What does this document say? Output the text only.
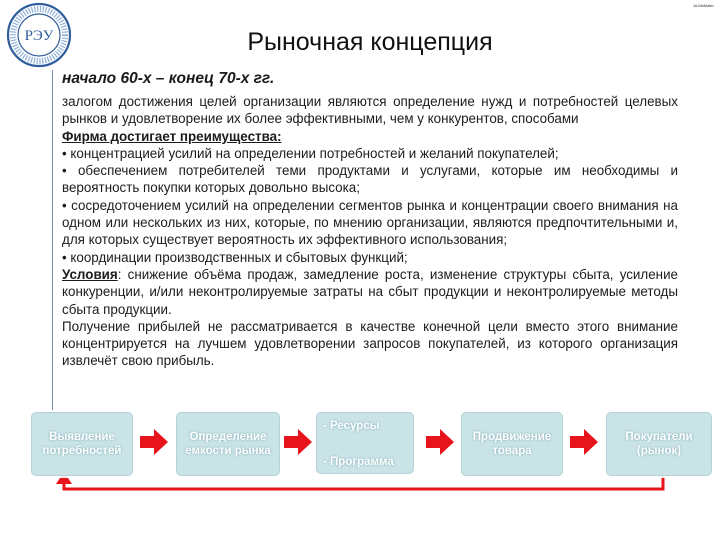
РЭУ
ALMaMater
Рыночная концепция
начало 60-х – конец 70-х гг.

залогом достижения целей организации являются определение нужд и потребностей целевых рынков и удовлетворение их более эффективными, чем у конкурентов, способами

Фирма достигает преимущества:

• концентрацией усилий на определении потребностей и желаний покупателей;

• обеспечением потребителей теми продуктами и услугами, которые им необходимы и вероятность покупки которых довольно высока;

• сосредоточением усилий на определении сегментов рынка и концентрации своего внимания на одном или нескольких из них, которые, по мнению организации, являются предпочтительными и, для которых существует вероятность их эффективного использования;

• координации производственных и сбытовых функций;

Условия: снижение объёма продаж, замедление роста, изменение структуры сбыта, усиление конкуренции, и/или неконтролируемые затраты на сбыт продукции и неконтролируемые методы сбыта продукции.

Получение прибылей не рассматривается в качестве конечной цели вместо этого внимание концентрируется на лучшем удовлетворении запросов покупателей, из которого организация извлечёт свою прибыль.

Выявление потребностей
Определение емкости рынка
- Ресурсы
- Программа
Продвижение товара
Покупатели (рынок)
